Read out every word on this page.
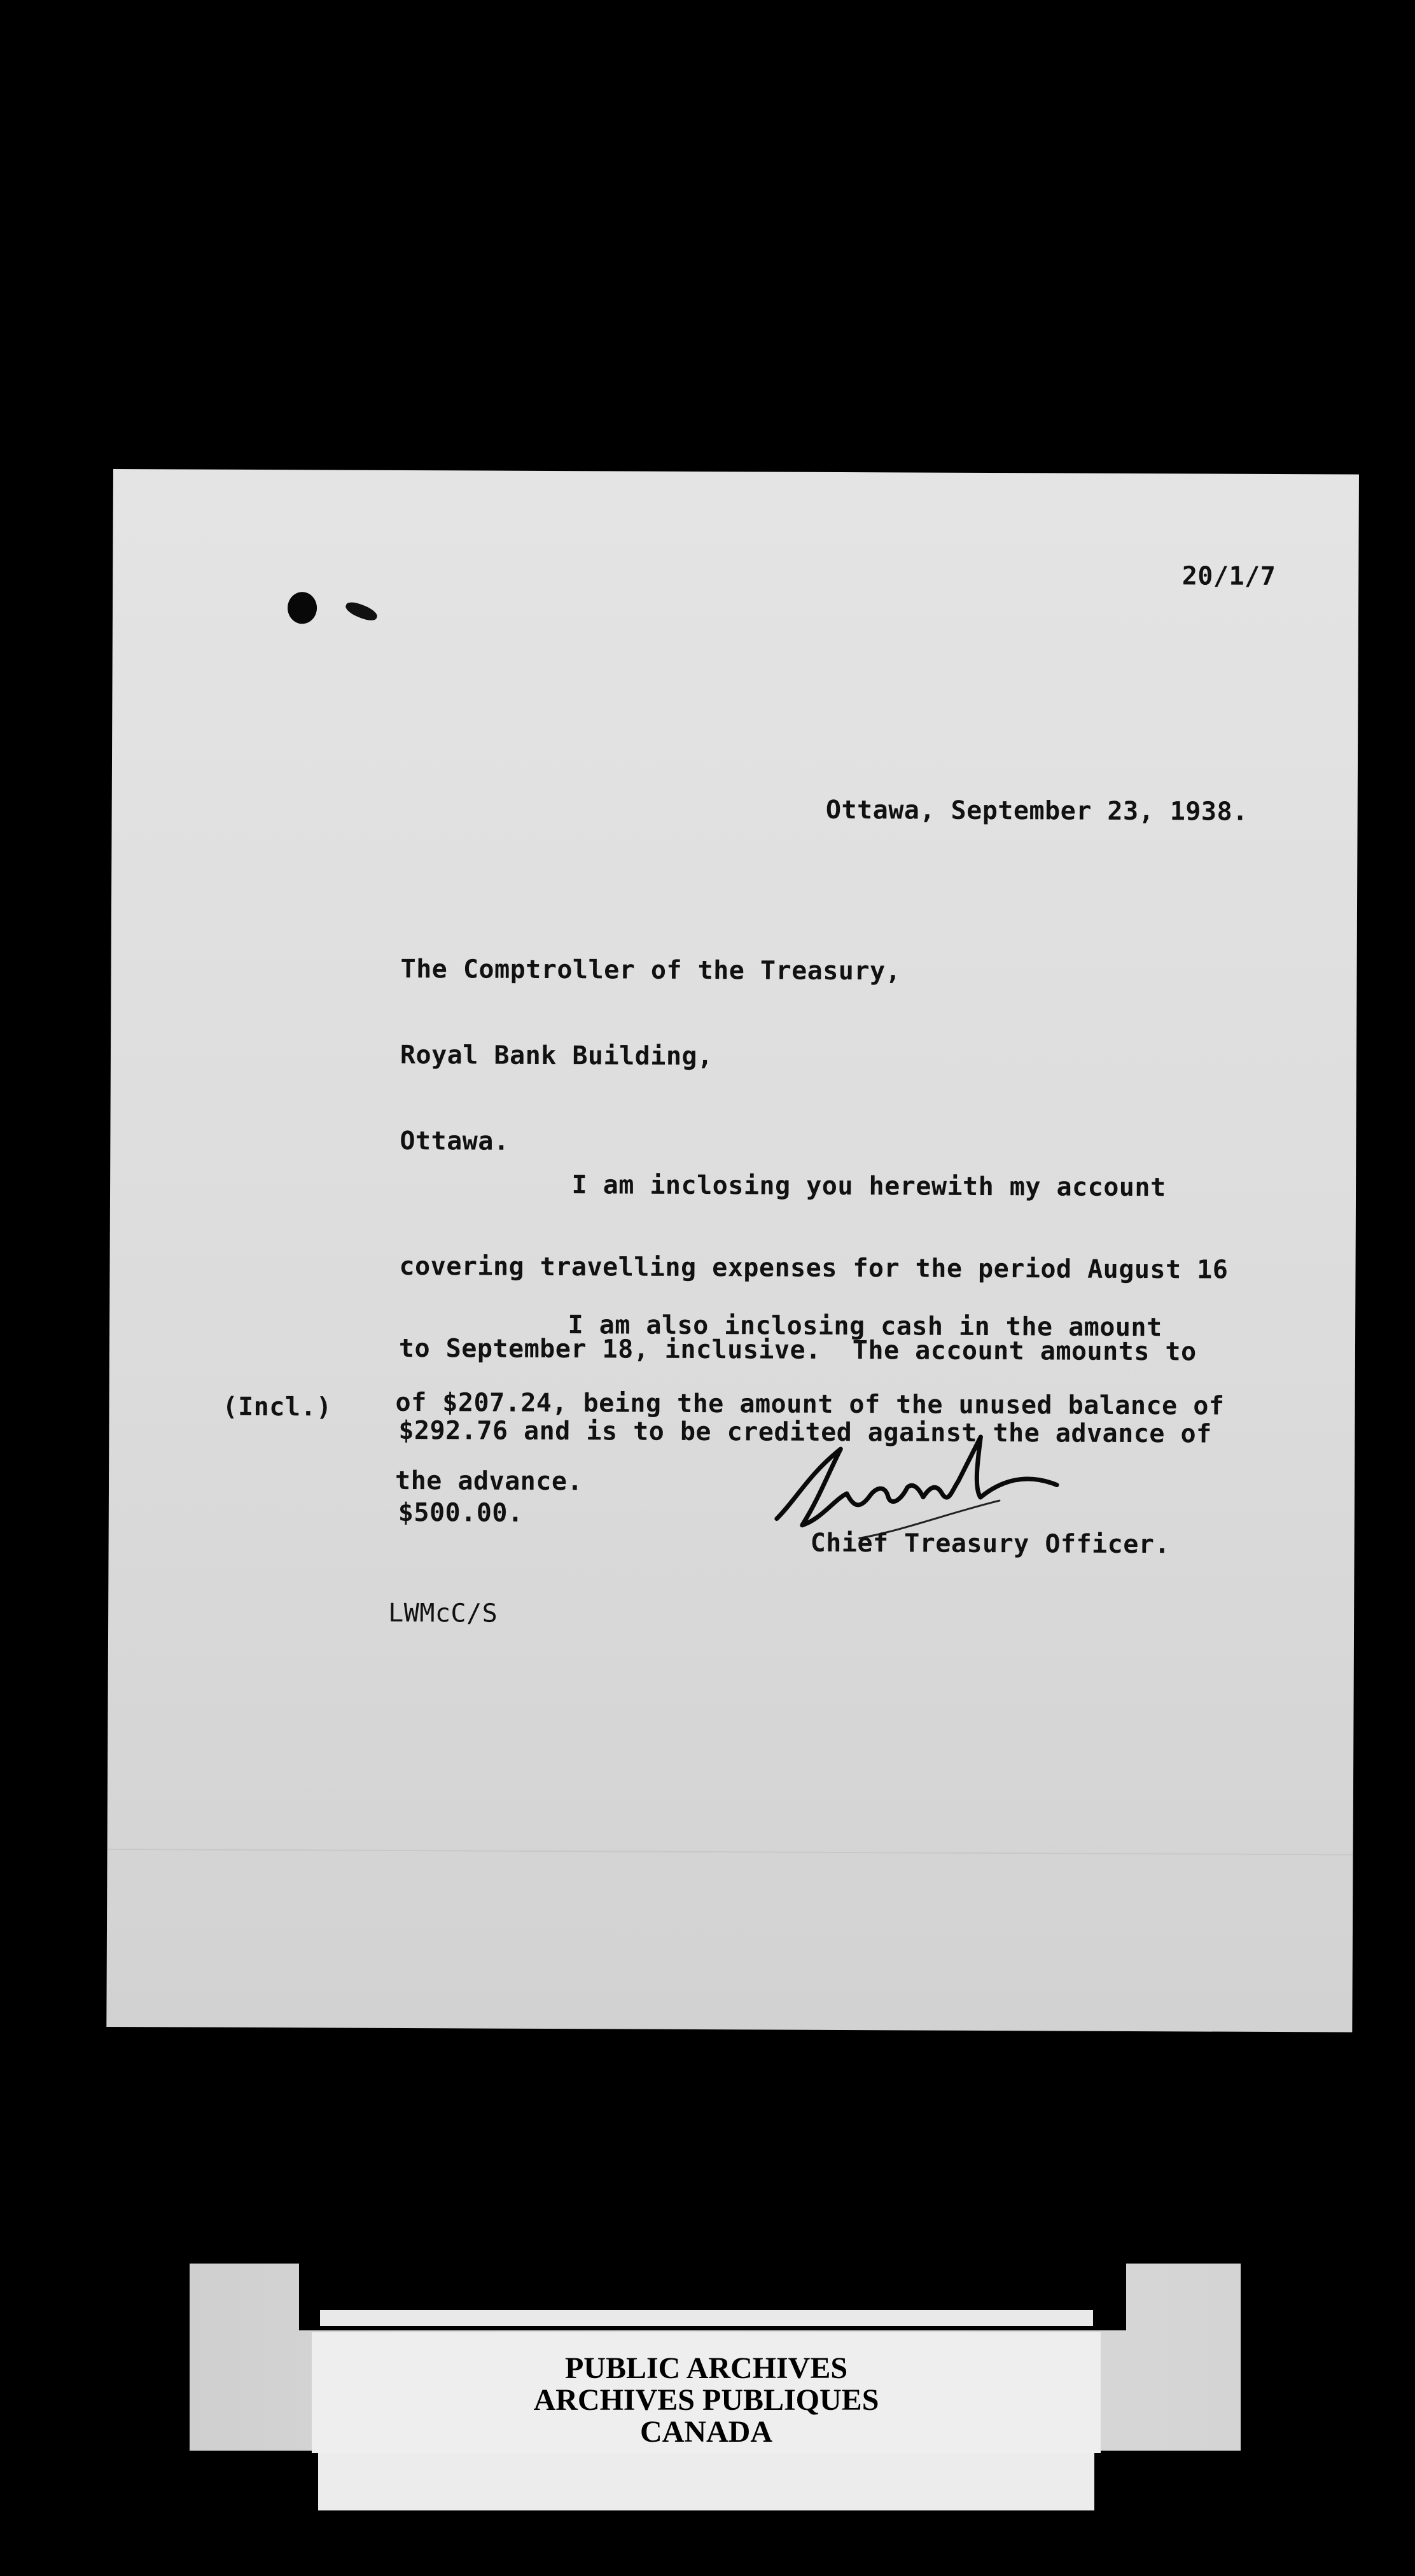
20/1/7
Ottawa, September 23, 1938.

The Comptroller of the Treasury,

Royal Bank Building,

Ottawa.

I am inclosing you herewith my account

covering travelling expenses for the period August 16

to September 18, inclusive.  The account amounts to

$292.76 and is to be credited against the advance of

$500.00.

I am also inclosing cash in the amount

of $207.24, being the amount of the unused balance of

the advance.

(Incl.)
Chief Treasury Officer.
LWMcC/S
PUBLIC ARCHIVES
ARCHIVES PUBLIQUES
CANADA
